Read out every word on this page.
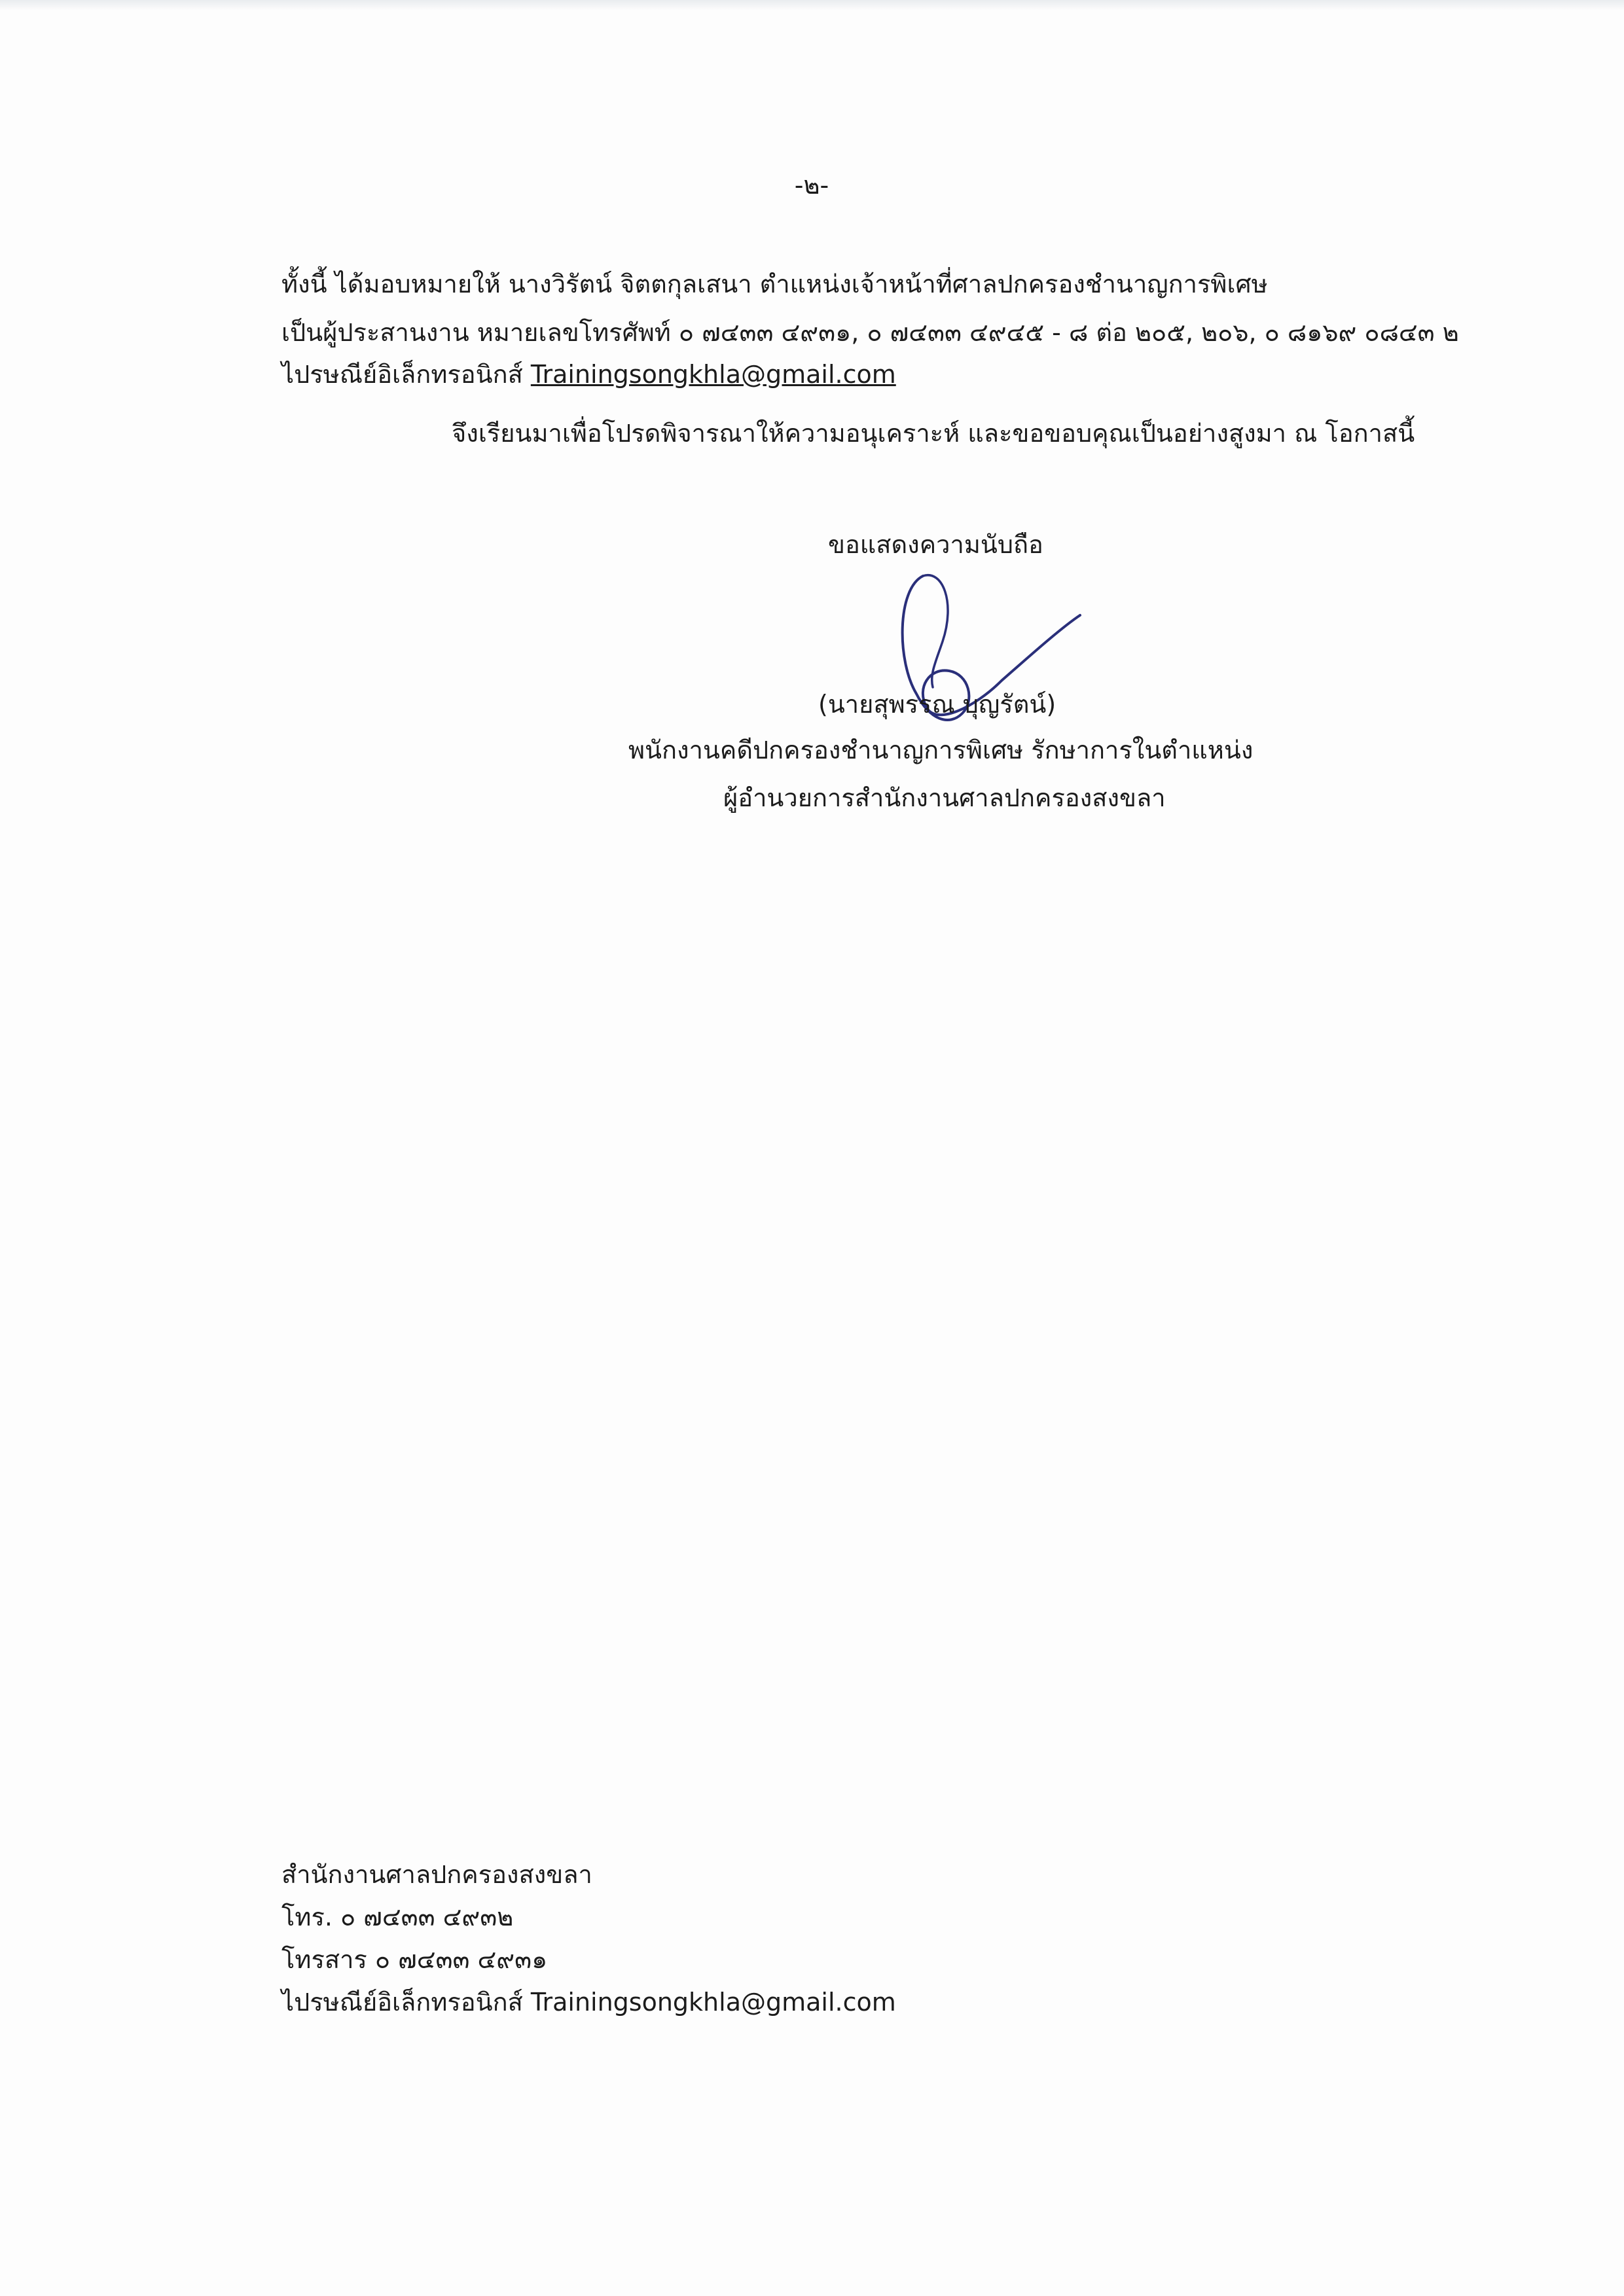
-๒-
ทั้งนี้ ได้มอบหมายให้ นางวิรัตน์ จิตตกุลเสนา ตำแหน่งเจ้าหน้าที่ศาลปกครองชำนาญการพิเศษ
เป็นผู้ประสานงาน หมายเลขโทรศัพท์ ๐ ๗๔๓๓ ๔๙๓๑, ๐ ๗๔๓๓ ๔๙๔๕ - ๘ ต่อ ๒๐๕, ๒๐๖, ๐ ๘๑๖๙ ๐๘๔๓ ๒
ไปรษณีย์อิเล็กทรอนิกส์ Trainingsongkhla@gmail.com
จึงเรียนมาเพื่อโปรดพิจารณาให้ความอนุเคราะห์ และขอขอบคุณเป็นอย่างสูงมา ณ โอกาสนี้
ขอแสดงความนับถือ
(นายสุพรรณ บุญรัตน์)
พนักงานคดีปกครองชำนาญการพิเศษ รักษาการในตำแหน่ง
ผู้อำนวยการสำนักงานศาลปกครองสงขลา
สำนักงานศาลปกครองสงขลา
โทร. ๐ ๗๔๓๓ ๔๙๓๒
โทรสาร ๐ ๗๔๓๓ ๔๙๓๑
ไปรษณีย์อิเล็กทรอนิกส์ Trainingsongkhla@gmail.com
